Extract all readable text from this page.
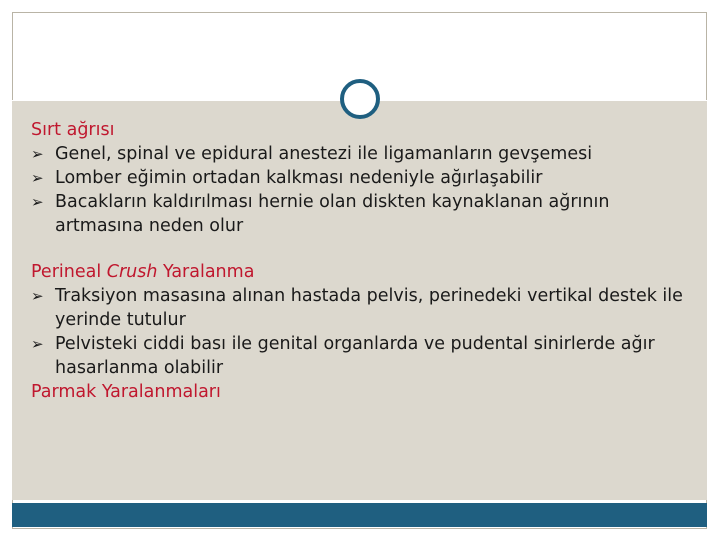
Sırt ağrısı
➢ Genel, spinal ve epidural anestezi ile ligamanların gevşemesi
➢ Lomber eğimin ortadan kalkması nedeniyle ağırlaşabilir
➢ Bacakların kaldırılması hernie olan diskten kaynaklanan ağrının artmasına neden olur
Perineal Crush Yaralanma
➢ Traksiyon masasına alınan hastada pelvis, perinedeki vertikal destek ile yerinde tutulur
➢ Pelvisteki ciddi bası ile genital organlarda ve pudental sinirlerde ağır hasarlanma olabilir
Parmak Yaralanmaları
